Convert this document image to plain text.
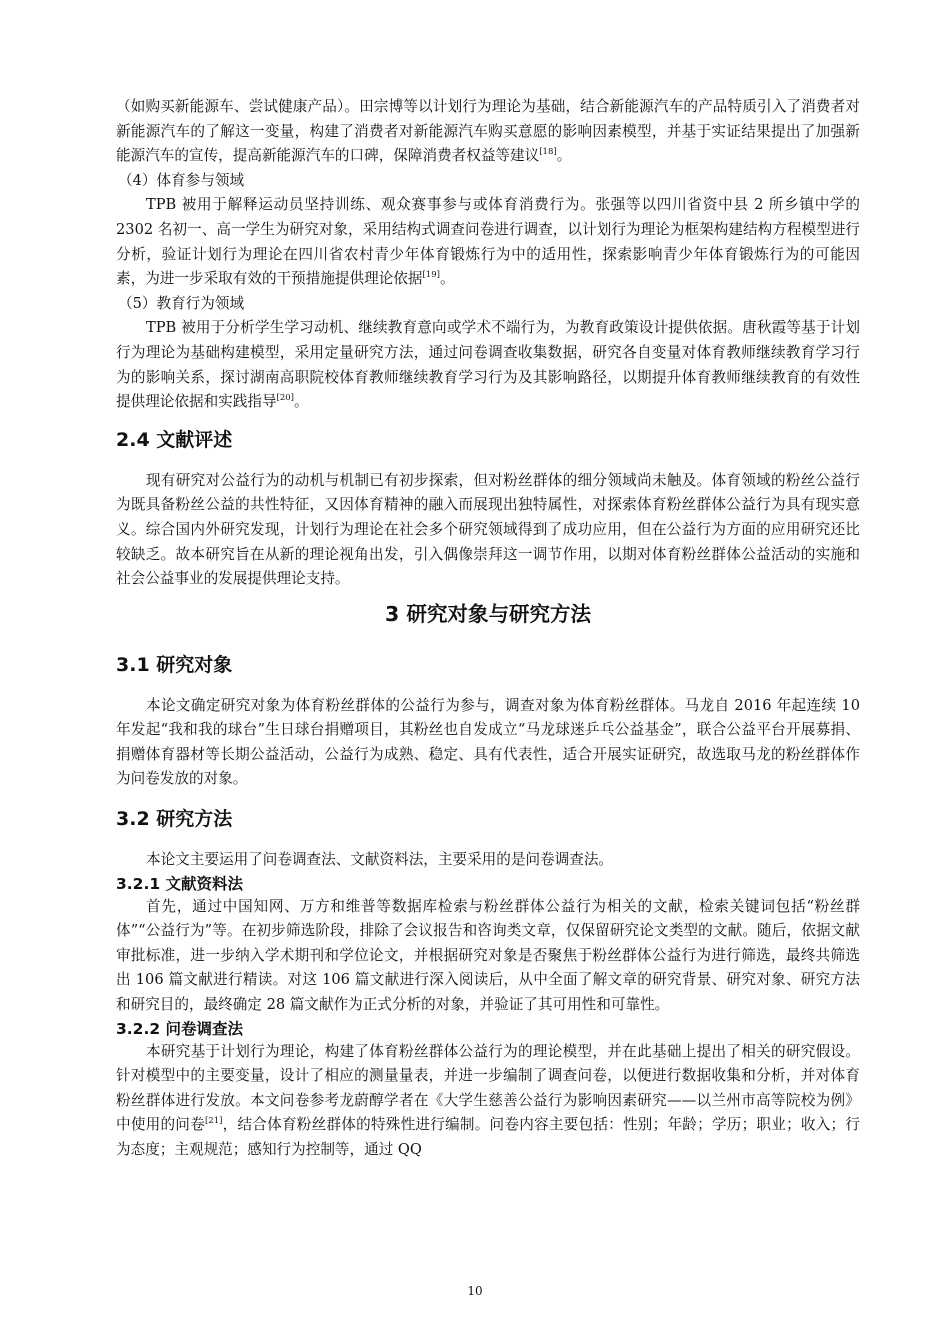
（如购买新能源车、尝试健康产品）。田宗博等以计划行为理论为基础，结合新能源汽车的产品特质引入了消费者对新能源汽车的了解这一变量，构建了消费者对新能源汽车购买意愿的影响因素模型，并基于实证结果提出了加强新能源汽车的宣传，提高新能源汽车的口碑，保障消费者权益等建议[18]。

（4）体育参与领域

TPB 被用于解释运动员坚持训练、观众赛事参与或体育消费行为。张强等以四川省资中县 2 所乡镇中学的 2302 名初一、高一学生为研究对象，采用结构式调查问卷进行调查，以计划行为理论为框架构建结构方程模型进行分析，验证计划行为理论在四川省农村青少年体育锻炼行为中的适用性，探索影响青少年体育锻炼行为的可能因素，为进一步采取有效的干预措施提供理论依据[19]。

（5）教育行为领域

TPB 被用于分析学生学习动机、继续教育意向或学术不端行为，为教育政策设计提供依据。唐秋霞等基于计划行为理论为基础构建模型，采用定量研究方法，通过问卷调查收集数据，研究各自变量对体育教师继续教育学习行为的影响关系，探讨湖南高职院校体育教师继续教育学习行为及其影响路径，以期提升体育教师继续教育的有效性提供理论依据和实践指导[20]。

2.4 文献评述

现有研究对公益行为的动机与机制已有初步探索，但对粉丝群体的细分领域尚未触及。体育领域的粉丝公益行为既具备粉丝公益的共性特征，又因体育精神的融入而展现出独特属性，对探索体育粉丝群体公益行为具有现实意义。综合国内外研究发现，计划行为理论在社会多个研究领域得到了成功应用，但在公益行为方面的应用研究还比较缺乏。故本研究旨在从新的理论视角出发，引入偶像崇拜这一调节作用，以期对体育粉丝群体公益活动的实施和社会公益事业的发展提供理论支持。

3 研究对象与研究方法
3.1 研究对象

本论文确定研究对象为体育粉丝群体的公益行为参与，调查对象为体育粉丝群体。马龙自 2016 年起连续 10 年发起“我和我的球台”生日球台捐赠项目，其粉丝也自发成立“马龙球迷乒乓公益基金”，联合公益平台开展募捐、捐赠体育器材等长期公益活动，公益行为成熟、稳定、具有代表性，适合开展实证研究，故选取马龙的粉丝群体作为问卷发放的对象。

3.2 研究方法

本论文主要运用了问卷调查法、文献资料法，主要采用的是问卷调查法。

3.2.1 文献资料法

首先，通过中国知网、万方和维普等数据库检索与粉丝群体公益行为相关的文献，检索关键词包括“粉丝群体”“公益行为”等。在初步筛选阶段，排除了会议报告和咨询类文章，仅保留研究论文类型的文献。随后，依据文献审批标准，进一步纳入学术期刊和学位论文，并根据研究对象是否聚焦于粉丝群体公益行为进行筛选，最终共筛选出 106 篇文献进行精读。对这 106 篇文献进行深入阅读后，从中全面了解文章的研究背景、研究对象、研究方法和研究目的，最终确定 28 篇文献作为正式分析的对象，并验证了其可用性和可靠性。

3.2.2 问卷调查法

本研究基于计划行为理论，构建了体育粉丝群体公益行为的理论模型，并在此基础上提出了相关的研究假设。针对模型中的主要变量，设计了相应的测量量表，并进一步编制了调查问卷，以便进行数据收集和分析，并对体育粉丝群体进行发放。本文问卷参考龙蔚醇学者在《大学生慈善公益行为影响因素研究——以兰州市高等院校为例》中使用的问卷[21]，结合体育粉丝群体的特殊性进行编制。问卷内容主要包括：性别；年龄；学历；职业；收入；行为态度；主观规范；感知行为控制等，通过 QQ

10
